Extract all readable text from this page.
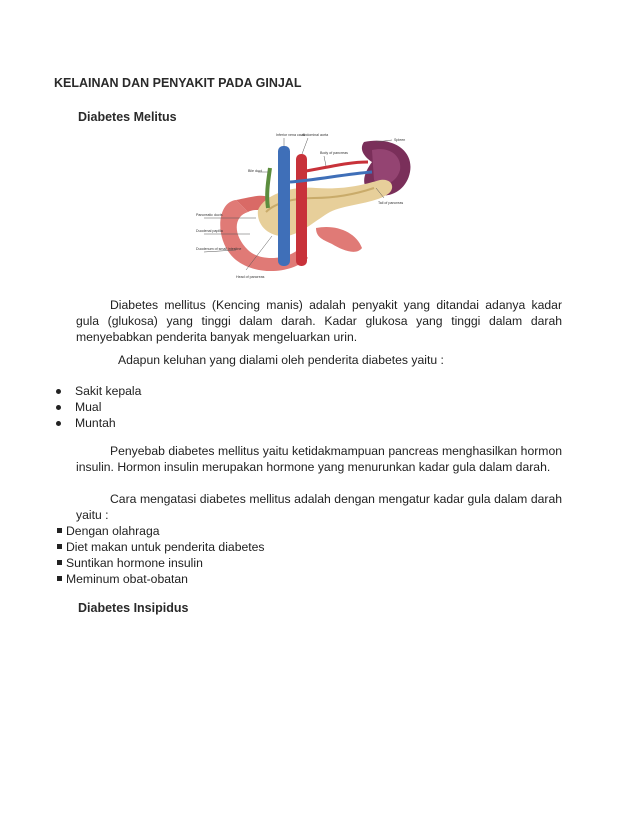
KELAINAN DAN PENYAKIT PADA GINJAL
Diabetes Melitus
Inferior vena cava
Abdominal aorta
Spleen
Bile duct
Body of pancreas
Tail of pancreas
Pancreatic ducts
Duodenal papilla
Duodenum of small intestine
Head of pancreas
Diabetes mellitus (Kencing manis) adalah penyakit yang ditandai adanya kadar gula (glukosa) yang tinggi dalam darah. Kadar glukosa yang tinggi dalam darah menyebabkan penderita banyak mengeluarkan urin.
Adapun keluhan yang dialami oleh penderita diabetes yaitu :
Sakit kepala
Mual
Muntah
Penyebab diabetes mellitus yaitu ketidakmampuan pancreas menghasilkan hormon insulin. Hormon insulin merupakan hormone yang menurunkan kadar gula dalam darah.
Cara mengatasi diabetes mellitus adalah dengan mengatur kadar gula dalam darah yaitu :
Dengan olahraga
Diet makan untuk penderita diabetes
Suntikan hormone insulin
Meminum obat-obatan
Diabetes Insipidus
